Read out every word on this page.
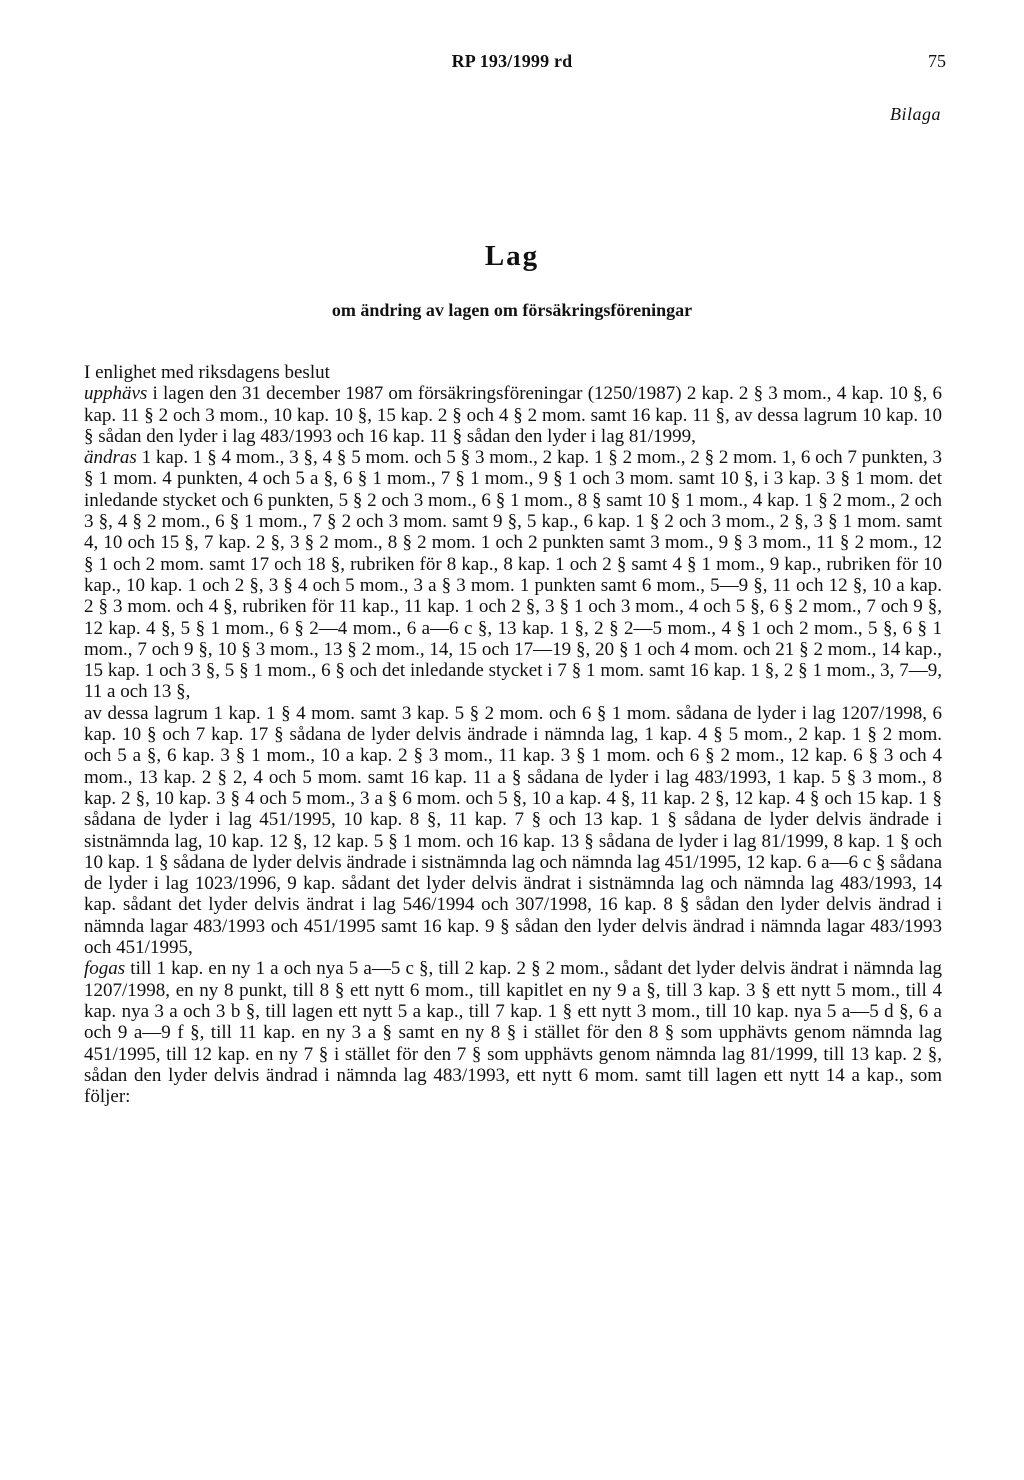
RP 193/1999 rd	75
Bilaga
Lag
om ändring av lagen om försäkringsföreningar

I enlighet med riksdagens beslut

upphävs i lagen den 31 december 1987 om försäkringsföreningar (1250/1987) 2 kap. 2 § 3 mom., 4 kap. 10 §, 6 kap. 11 § 2 och 3 mom., 10 kap. 10 §, 15 kap. 2 § och 4 § 2 mom. samt 16 kap. 11 §, av dessa lagrum 10 kap. 10 § sådan den lyder i lag 483/1993 och 16 kap. 11 § sådan den lyder i lag 81/1999,

ändras 1 kap. 1 § 4 mom., 3 §, 4 § 5 mom. och 5 § 3 mom., 2 kap. 1 § 2 mom., 2 § 2 mom. 1, 6 och 7 punkten, 3 § 1 mom. 4 punkten, 4 och 5 a §, 6 § 1 mom., 7 § 1 mom., 9 § 1 och 3 mom. samt 10 §, i 3 kap. 3 § 1 mom. det inledande stycket och 6 punkten, 5 § 2 och 3 mom., 6 § 1 mom., 8 § samt 10 § 1 mom., 4 kap. 1 § 2 mom., 2 och 3 §, 4 § 2 mom., 6 § 1 mom., 7 § 2 och 3 mom. samt 9 §, 5 kap., 6 kap. 1 § 2 och 3 mom., 2 §, 3 § 1 mom. samt 4, 10 och 15 §, 7 kap. 2 §, 3 § 2 mom., 8 § 2 mom. 1 och 2 punkten samt 3 mom., 9 § 3 mom., 11 § 2 mom., 12 § 1 och 2 mom. samt 17 och 18 §, rubriken för 8 kap., 8 kap. 1 och 2 § samt 4 § 1 mom., 9 kap., rubriken för 10 kap., 10 kap. 1 och 2 §, 3 § 4 och 5 mom., 3 a § 3 mom. 1 punkten samt 6 mom., 5—9 §, 11 och 12 §, 10 a kap. 2 § 3 mom. och 4 §, rubriken för 11 kap., 11 kap. 1 och 2 §, 3 § 1 och 3 mom., 4 och 5 §, 6 § 2 mom., 7 och 9 §, 12 kap. 4 §, 5 § 1 mom., 6 § 2—4 mom., 6 a—6 c §, 13 kap. 1 §, 2 § 2—5 mom., 4 § 1 och 2 mom., 5 §, 6 § 1 mom., 7 och 9 §, 10 § 3 mom., 13 § 2 mom., 14, 15 och 17—19 §, 20 § 1 och 4 mom. och 21 § 2 mom., 14 kap., 15 kap. 1 och 3 §, 5 § 1 mom., 6 § och det inledande stycket i 7 § 1 mom. samt 16 kap. 1 §, 2 § 1 mom., 3, 7—9, 11 a och 13 §,

av dessa lagrum 1 kap. 1 § 4 mom. samt 3 kap. 5 § 2 mom. och 6 § 1 mom. sådana de lyder i lag 1207/1998, 6 kap. 10 § och 7 kap. 17 § sådana de lyder delvis ändrade i nämnda lag, 1 kap. 4 § 5 mom., 2 kap. 1 § 2 mom. och 5 a §, 6 kap. 3 § 1 mom., 10 a kap. 2 § 3 mom., 11 kap. 3 § 1 mom. och 6 § 2 mom., 12 kap. 6 § 3 och 4 mom., 13 kap. 2 § 2, 4 och 5 mom. samt 16 kap. 11 a § sådana de lyder i lag 483/1993, 1 kap. 5 § 3 mom., 8 kap. 2 §, 10 kap. 3 § 4 och 5 mom., 3 a § 6 mom. och 5 §, 10 a kap. 4 §, 11 kap. 2 §, 12 kap. 4 § och 15 kap. 1 § sådana de lyder i lag 451/1995, 10 kap. 8 §, 11 kap. 7 § och 13 kap. 1 § sådana de lyder delvis ändrade i sistnämnda lag, 10 kap. 12 §, 12 kap. 5 § 1 mom. och 16 kap. 13 § sådana de lyder i lag 81/1999, 8 kap. 1 § och 10 kap. 1 § sådana de lyder delvis ändrade i sistnämnda lag och nämnda lag 451/1995, 12 kap. 6 a—6 c § sådana de lyder i lag 1023/1996, 9 kap. sådant det lyder delvis ändrat i sistnämnda lag och nämnda lag 483/1993, 14 kap. sådant det lyder delvis ändrat i lag 546/1994 och 307/1998, 16 kap. 8 § sådan den lyder delvis ändrad i nämnda lagar 483/1993 och 451/1995 samt 16 kap. 9 § sådan den lyder delvis ändrad i nämnda lagar 483/1993 och 451/1995,

fogas till 1 kap. en ny 1 a och nya 5 a—5 c §, till 2 kap. 2 § 2 mom., sådant det lyder delvis ändrat i nämnda lag 1207/1998, en ny 8 punkt, till 8 § ett nytt 6 mom., till kapitlet en ny 9 a §, till 3 kap. 3 § ett nytt 5 mom., till 4 kap. nya 3 a och 3 b §, till lagen ett nytt 5 a kap., till 7 kap. 1 § ett nytt 3 mom., till 10 kap. nya 5 a—5 d §, 6 a och 9 a—9 f §, till 11 kap. en ny 3 a § samt en ny 8 § i stället för den 8 § som upphävts genom nämnda lag 451/1995, till 12 kap. en ny 7 § i stället för den 7 § som upphävts genom nämnda lag 81/1999, till 13 kap. 2 §, sådan den lyder delvis ändrad i nämnda lag 483/1993, ett nytt 6 mom. samt till lagen ett nytt 14 a kap., som följer:
